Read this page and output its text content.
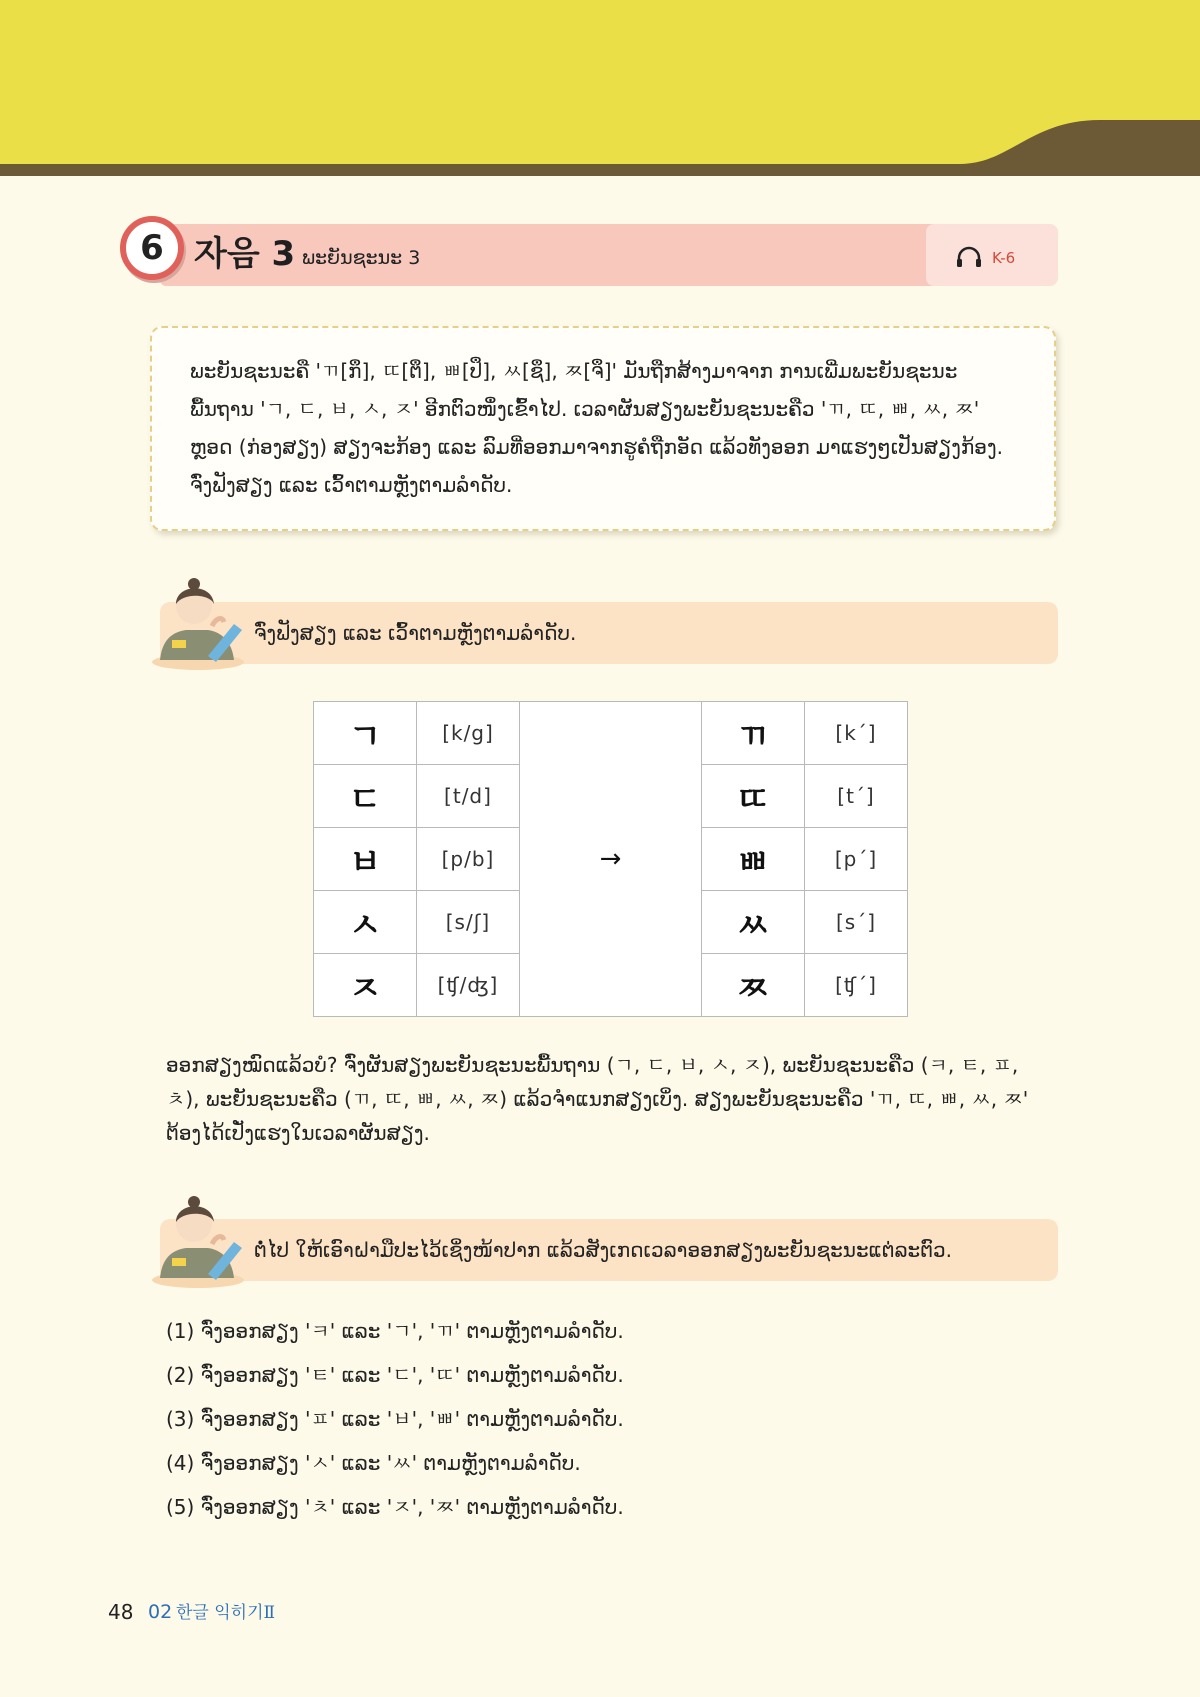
6 자음 3 ພະຍັນຊະນະ 3	K-6

ພະຍັນຊະນະຄື 'ㄲ[ກຶ], ㄸ[ຕຶ], ㅃ[ປຶ], ㅆ[ຊຶ], ㅉ[ຈຶ]' ມັນຖືກສ້າງມາຈາກ ການເພີ່ມພະຍັນຊະນະພື້ນຖານ 'ㄱ, ㄷ, ㅂ, ㅅ, ㅈ' ອີກຕົວໜຶ່ງເຂົ້າໄປ. ເວລາຜັນສຽງພະຍັນຊະນະຄືວ 'ㄲ, ㄸ, ㅃ, ㅆ, ㅉ' ຫຼອດ (ກ່ອງສຽງ) ສຽງຈະກ້ອງ ແລະ ລົມທີ່ອອກມາຈາກຮູຄໍຖືກອັດ ແລ້ວທັງອອກ ມາແຮງໆເປັນສຽງກ້ອງ. ຈົ່ງຟັງສຽງ ແລະ ເວົ້າຕາມຫຼັງຕາມລຳດັບ.

ຈົ່ງຟັງສຽງ ແລະ ເວົ້າຕາມຫຼັງຕາມລຳດັບ.
ㄱ	[k/g]	→	ㄲ	[k´]
ㄷ	[t/d]		ㄸ	[t´]
ㅂ	[p/b]		ㅃ	[p´]
ㅅ	[s/ʃ]		ㅆ	[s´]
ㅈ	[ʧ/ʤ]		ㅉ	[ʧ´]

ອອກສຽງໝົດແລ້ວບໍ? ຈົ່ງຜັນສຽງພະຍັນຊະນະພື້ນຖານ (ㄱ, ㄷ, ㅂ, ㅅ, ㅈ), ພະຍັນຊະນະຄືວ (ㅋ, ㅌ, ㅍ, ㅊ), ພະຍັນຊະນະຄືວ (ㄲ, ㄸ, ㅃ, ㅆ, ㅉ) ແລ້ວຈຳແນກສຽງເບິ່ງ. ສຽງພະຍັນຊະນະຄືວ 'ㄲ, ㄸ, ㅃ, ㅆ, ㅉ' ຕ້ອງໄດ້ເປັ່ງແຮງໃນເວລາຜັນສຽງ.

ຕໍ່ໄປ ໃຫ້ເອົາຝາມືປະໄວ້ເຊິ່ງໜ້າປາກ ແລ້ວສັງເກດເວລາອອກສຽງພະຍັນຊະນະແຕ່ລະຕົວ.
(1) ຈົ່ງອອກສຽງ 'ㅋ' ແລະ 'ㄱ', 'ㄲ' ຕາມຫຼັງຕາມລຳດັບ.
(2) ຈົ່ງອອກສຽງ 'ㅌ' ແລະ 'ㄷ', 'ㄸ' ຕາມຫຼັງຕາມລຳດັບ.
(3) ຈົ່ງອອກສຽງ 'ㅍ' ແລະ 'ㅂ', 'ㅃ' ຕາມຫຼັງຕາມລຳດັບ.
(4) ຈົ່ງອອກສຽງ 'ㅅ' ແລະ 'ㅆ' ຕາມຫຼັງຕາມລຳດັບ.
(5) ຈົ່ງອອກສຽງ 'ㅊ' ແລະ 'ㅈ', 'ㅉ' ຕາມຫຼັງຕາມລຳດັບ.
48 02 한글 익히기Ⅱ
